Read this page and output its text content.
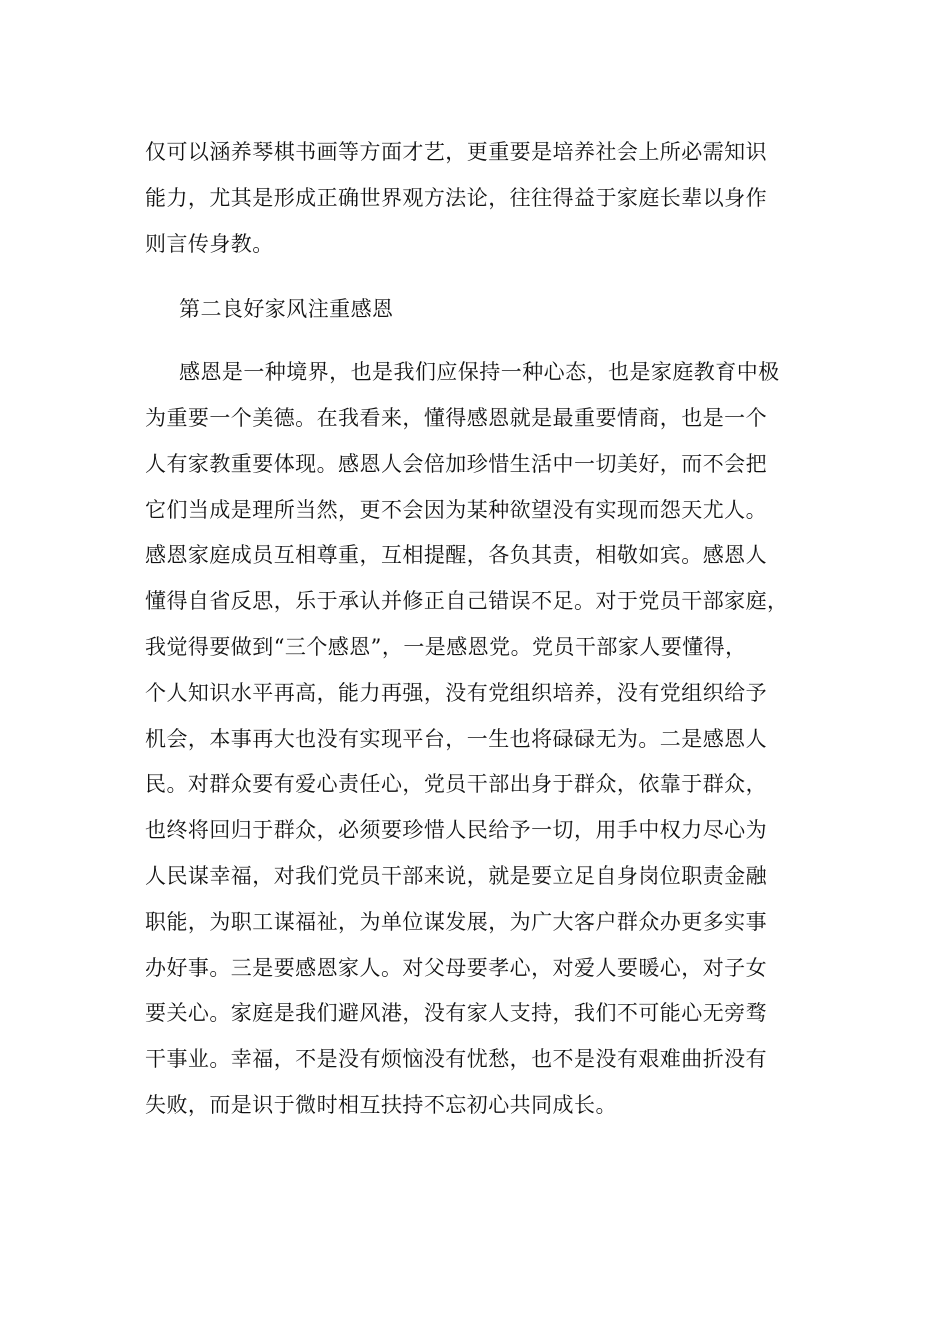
仅可以涵养琴棋书画等方面才艺，更重要是培养社会上所必需知识
能力，尤其是形成正确世界观方法论，往往得益于家庭长辈以身作
则言传身教。
第二良好家风注重感恩
感恩是一种境界，也是我们应保持一种心态，也是家庭教育中极
为重要一个美德。在我看来，懂得感恩就是最重要情商，也是一个
人有家教重要体现。感恩人会倍加珍惜生活中一切美好，而不会把
它们当成是理所当然，更不会因为某种欲望没有实现而怨天尤人。
感恩家庭成员互相尊重，互相提醒，各负其责，相敬如宾。感恩人
懂得自省反思，乐于承认并修正自己错误不足。对于党员干部家庭，
我觉得要做到“三个感恩”，一是感恩党。党员干部家人要懂得，
个人知识水平再高，能力再强，没有党组织培养，没有党组织给予
机会，本事再大也没有实现平台，一生也将碌碌无为。二是感恩人
民。对群众要有爱心责任心，党员干部出身于群众，依靠于群众，
也终将回归于群众，必须要珍惜人民给予一切，用手中权力尽心为
人民谋幸福，对我们党员干部来说，就是要立足自身岗位职责金融
职能，为职工谋福祉，为单位谋发展，为广大客户群众办更多实事
办好事。三是要感恩家人。对父母要孝心，对爱人要暖心，对子女
要关心。家庭是我们避风港，没有家人支持，我们不可能心无旁骛
干事业。幸福，不是没有烦恼没有忧愁，也不是没有艰难曲折没有
失败，而是识于微时相互扶持不忘初心共同成长。
